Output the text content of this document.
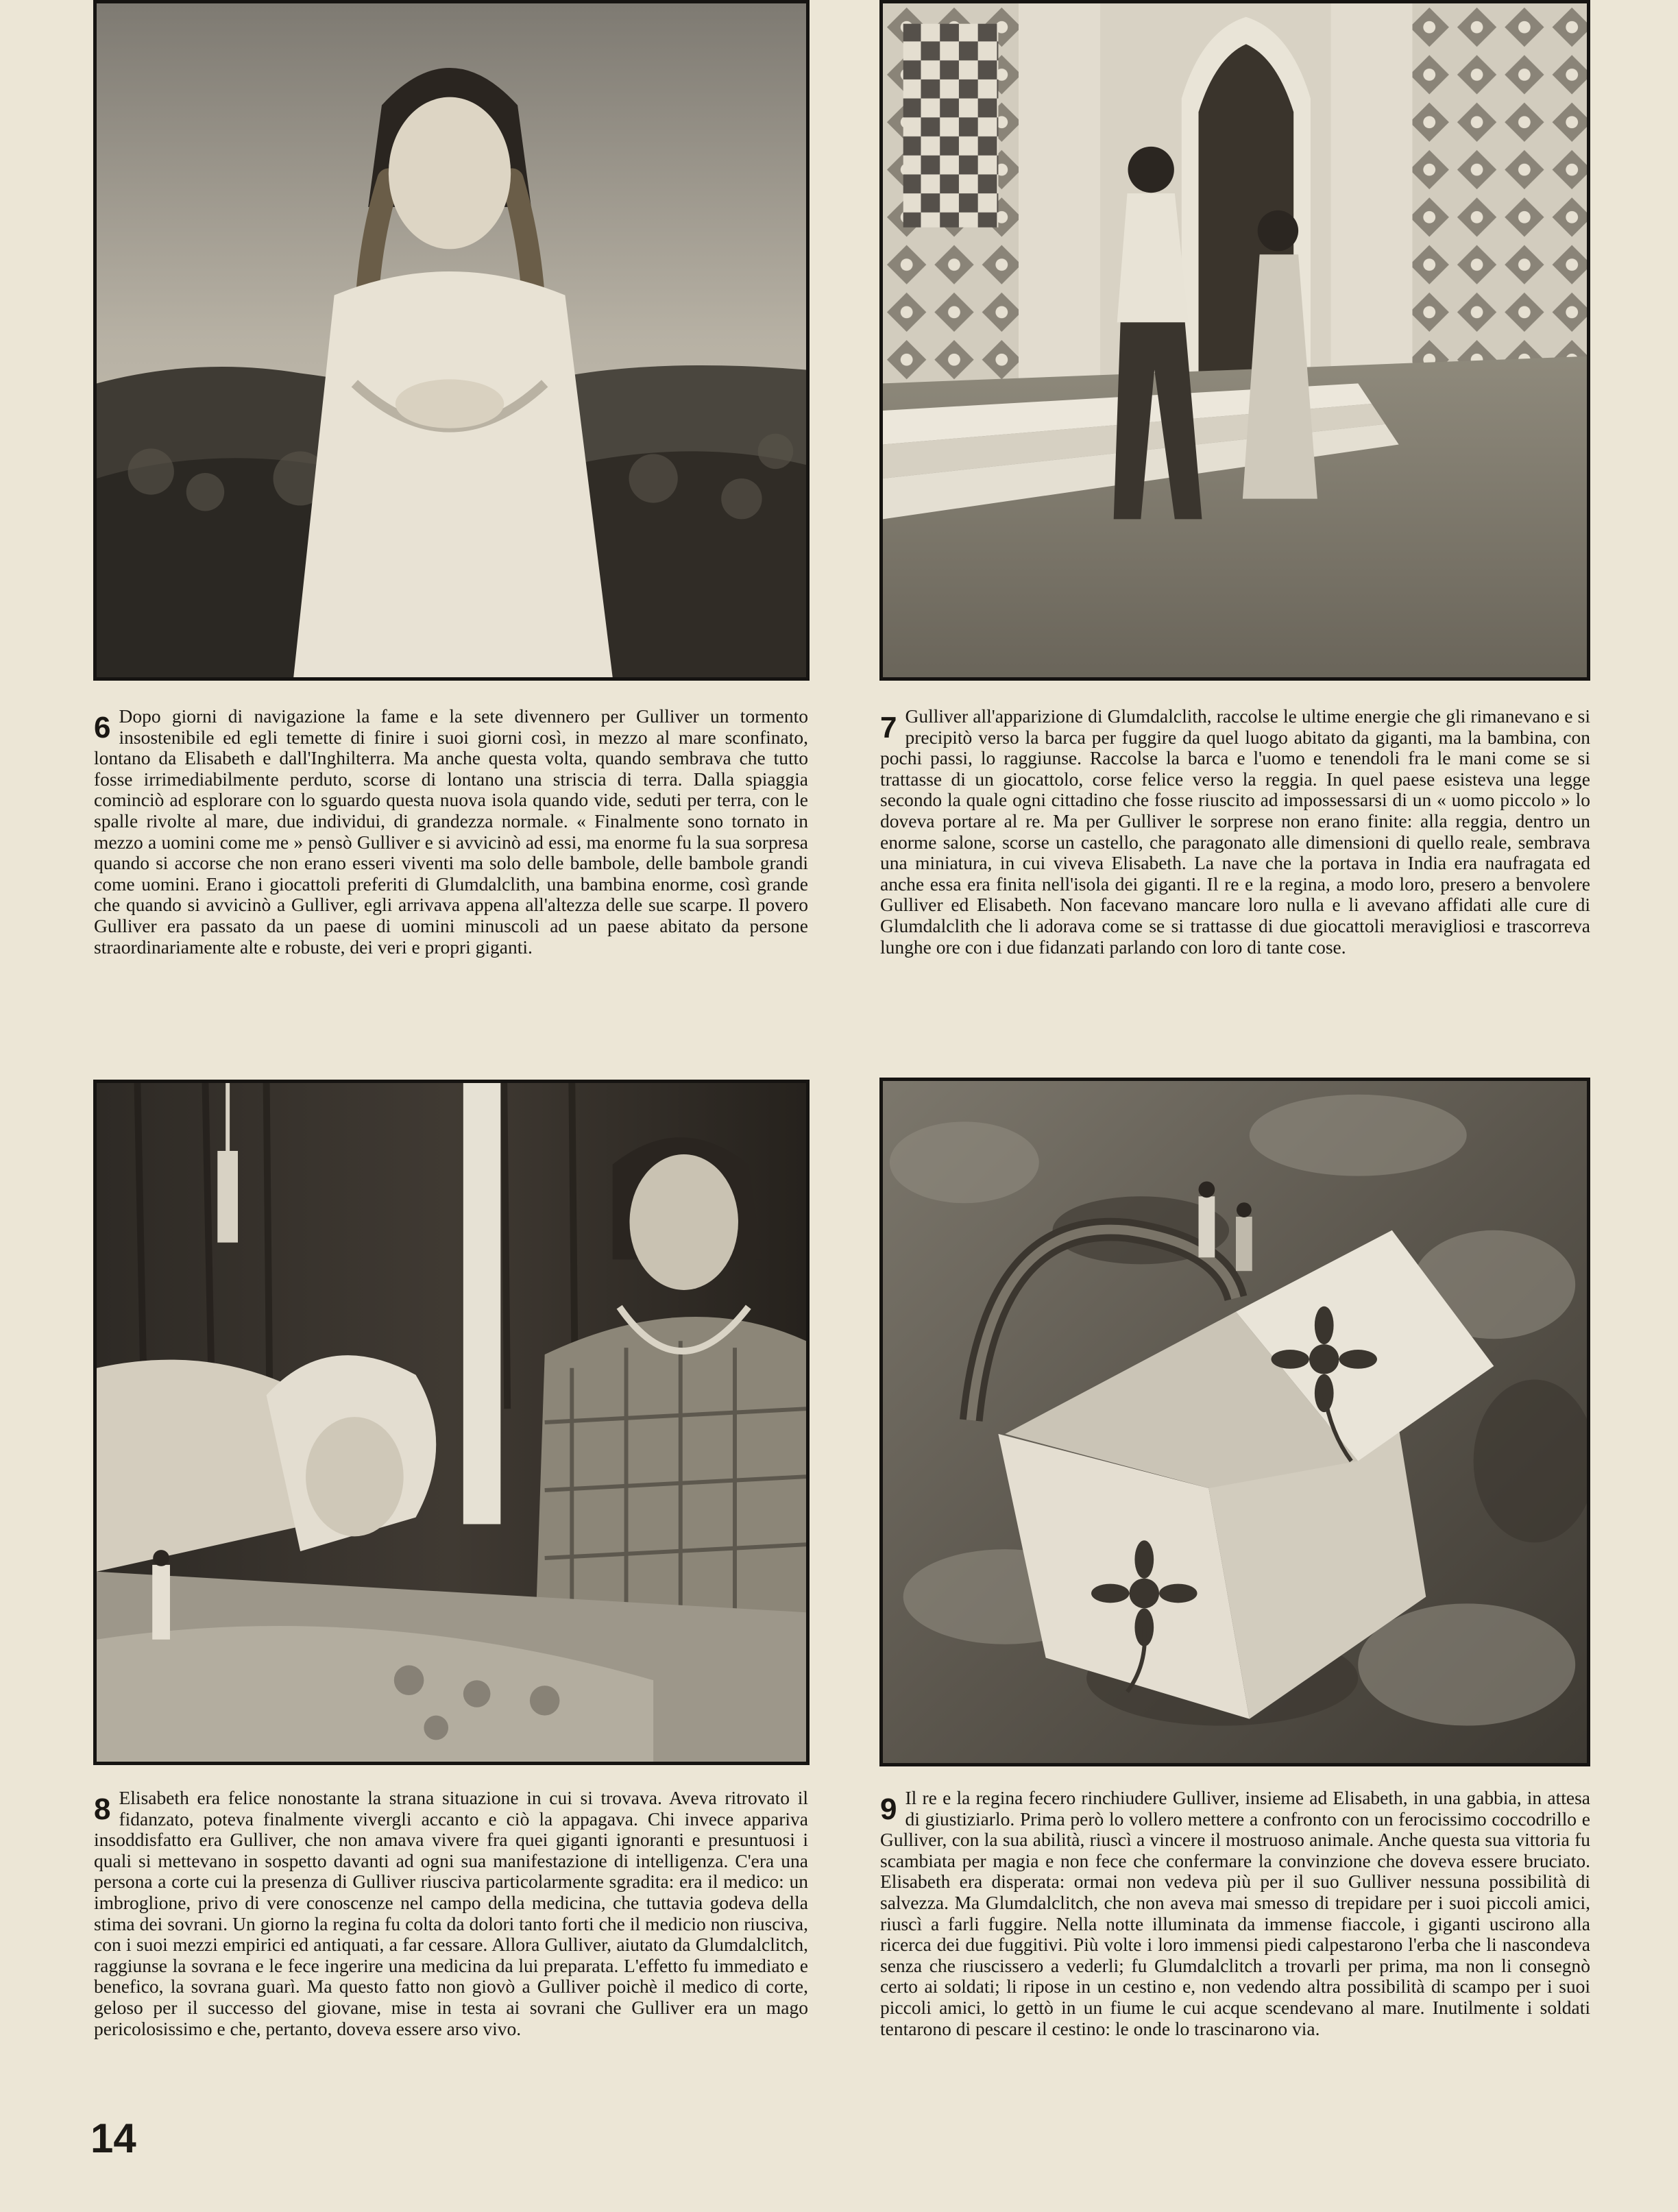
6 Dopo giorni di navigazione la fame e la sete divennero per Gulliver un tormento insostenibile ed egli temette di finire i suoi giorni così, in mezzo al mare sconfinato, lontano da Elisabeth e dall'Inghilterra. Ma anche questa volta, quando sembrava che tutto fosse irrimediabilmente perduto, scorse di lontano una striscia di terra. Dalla spiaggia cominciò ad esplorare con lo sguardo questa nuova isola quando vide, seduti per terra, con le spalle rivolte al mare, due individui, di grandezza normale. « Finalmente sono tornato in mezzo a uomini come me » pensò Gulliver e si avvicinò ad essi, ma enorme fu la sua sorpresa quando si accorse che non erano esseri viventi ma solo delle bambole, delle bambole grandi come uomini. Erano i giocattoli preferiti di Glumdalclith, una bambina enorme, così grande che quando si avvicinò a Gulliver, egli arrivava appena all'altezza delle sue scarpe. Il povero Gulliver era passato da un paese di uomini minuscoli ad un paese abitato da persone straordinariamente alte e robuste, dei veri e propri giganti.
7 Gulliver all'apparizione di Glumdalclith, raccolse le ultime energie che gli rimanevano e si precipitò verso la barca per fuggire da quel luogo abitato da giganti, ma la bambina, con pochi passi, lo raggiunse. Raccolse la barca e l'uomo e tenendoli fra le mani come se si trattasse di un giocattolo, corse felice verso la reggia. In quel paese esisteva una legge secondo la quale ogni cittadino che fosse riuscito ad impossessarsi di un « uomo piccolo » lo doveva portare al re. Ma per Gulliver le sorprese non erano finite: alla reggia, dentro un enorme salone, scorse un castello, che paragonato alle dimensioni di quello reale, sembrava una miniatura, in cui viveva Elisabeth. La nave che la portava in India era naufragata ed anche essa era finita nell'isola dei giganti. Il re e la regina, a modo loro, presero a benvolere Gulliver ed Elisabeth. Non facevano mancare loro nulla e li avevano affidati alle cure di Glumdalclith che li adorava come se si trattasse di due giocattoli meravigliosi e trascorreva lunghe ore con i due fidanzati parlando con loro di tante cose.
8 Elisabeth era felice nonostante la strana situazione in cui si trovava. Aveva ritrovato il fidanzato, poteva finalmente vivergli accanto e ciò la appagava. Chi invece appariva insoddisfatto era Gulliver, che non amava vivere fra quei giganti ignoranti e presuntuosi i quali si mettevano in sospetto davanti ad ogni sua manifestazione di intelligenza. C'era una persona a corte cui la presenza di Gulliver riusciva particolarmente sgradita: era il medico: un imbroglione, privo di vere conoscenze nel campo della medicina, che tuttavia godeva della stima dei sovrani. Un giorno la regina fu colta da dolori tanto forti che il medicio non riusciva, con i suoi mezzi empirici ed antiquati, a far cessare. Allora Gulliver, aiutato da Glumdalclitch, raggiunse la sovrana e le fece ingerire una medicina da lui preparata. L'effetto fu immediato e benefico, la sovrana guarì. Ma questo fatto non giovò a Gulliver poichè il medico di corte, geloso per il successo del giovane, mise in testa ai sovrani che Gulliver era un mago pericolosissimo e che, pertanto, doveva essere arso vivo.
9 Il re e la regina fecero rinchiudere Gulliver, insieme ad Elisabeth, in una gabbia, in attesa di giustiziarlo. Prima però lo vollero mettere a confronto con un ferocissimo coccodrillo e Gulliver, con la sua abilità, riuscì a vincere il mostruoso animale. Anche questa sua vittoria fu scambiata per magia e non fece che confermare la convinzione che doveva essere bruciato. Elisabeth era disperata: ormai non vedeva più per il suo Gulliver nessuna possibilità di salvezza. Ma Glumdalclitch, che non aveva mai smesso di trepidare per i suoi piccoli amici, riuscì a farli fuggire. Nella notte illuminata da immense fiaccole, i giganti uscirono alla ricerca dei due fuggitivi. Più volte i loro immensi piedi calpestarono l'erba che li nascondeva senza che riuscissero a vederli; fu Glumdalclitch a trovarli per prima, ma non li consegnò certo ai soldati; li ripose in un cestino e, non vedendo altra possibilità di scampo per i suoi piccoli amici, lo gettò in un fiume le cui acque scendevano al mare. Inutilmente i soldati tentarono di pescare il cestino: le onde lo trascinarono via.
14
